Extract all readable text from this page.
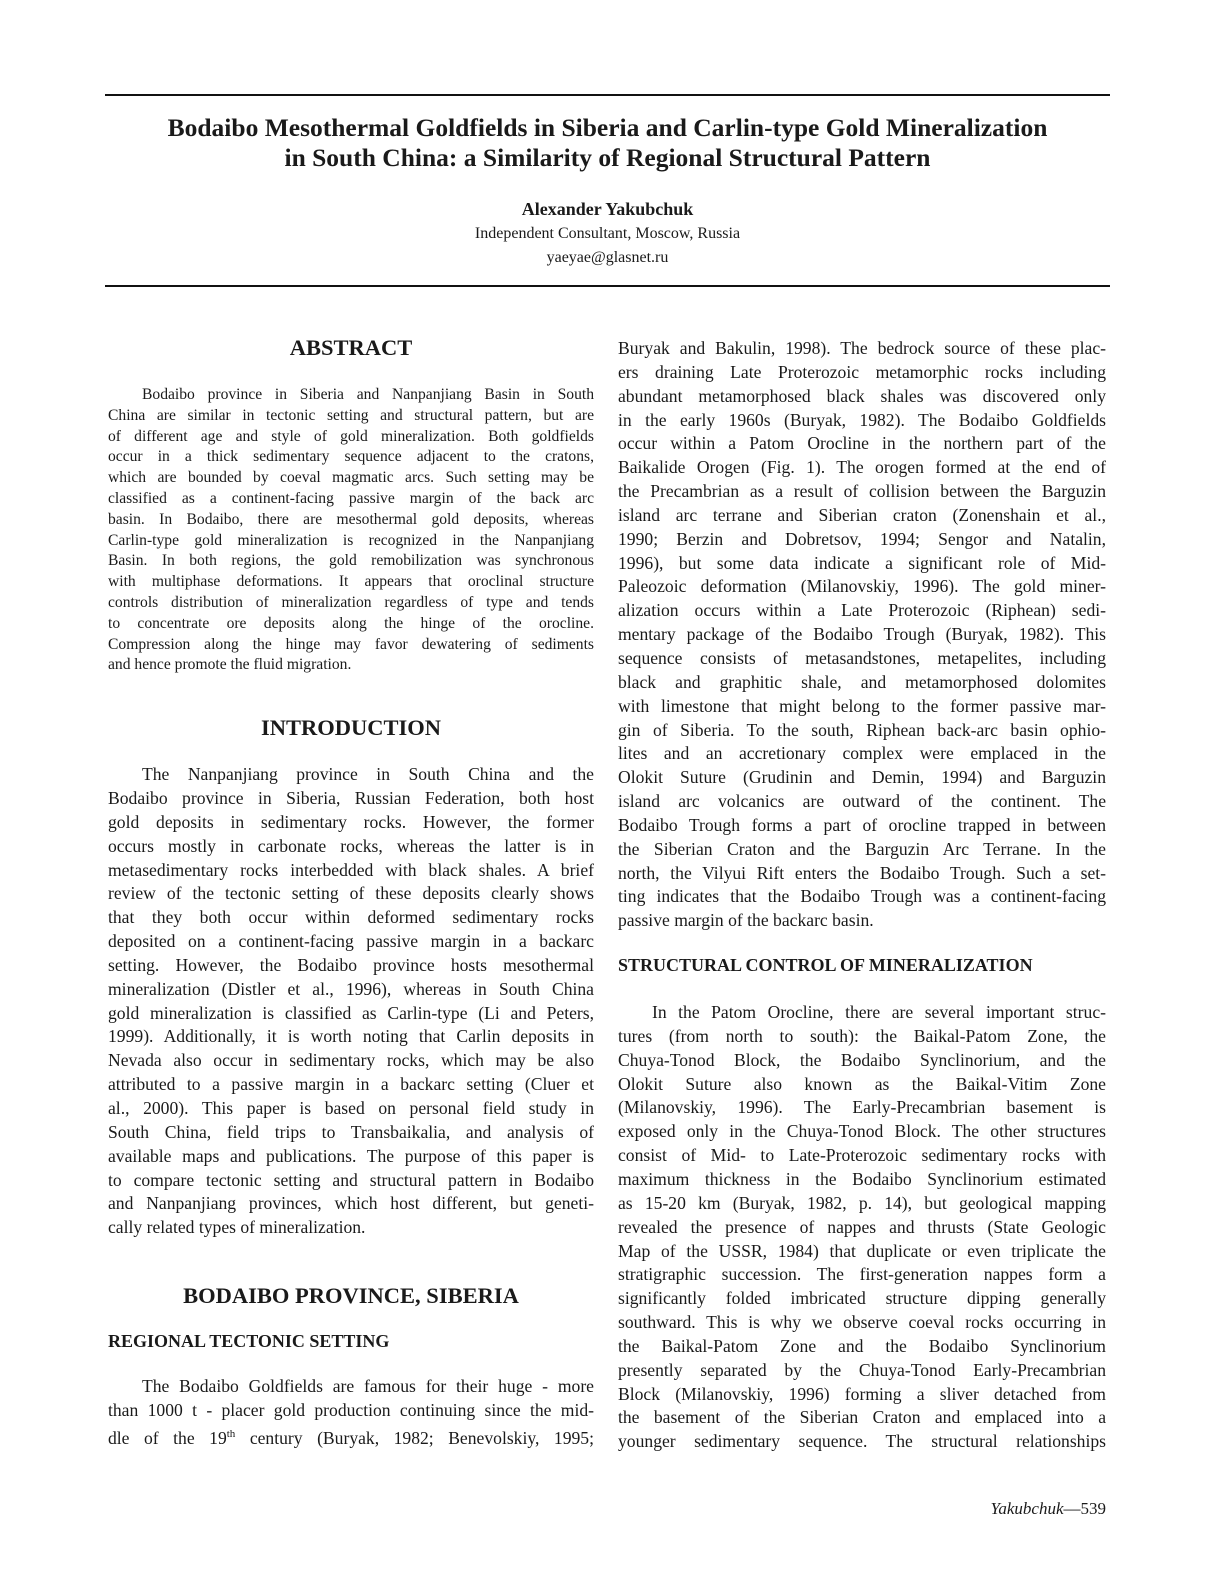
Bodaibo Mesothermal Goldfields in Siberia and Carlin-type Gold Mineralization
in South China: a Similarity of Regional Structural Pattern
Alexander Yakubchuk
Independent Consultant, Moscow, Russia
yaeyae@glasnet.ru
ABSTRACT
Bodaibo province in Siberia and Nanpanjiang Basin in South
China are similar in tectonic setting and structural pattern, but are
of different age and style of gold mineralization. Both goldfields
occur in a thick sedimentary sequence adjacent to the cratons,
which are bounded by coeval magmatic arcs. Such setting may be
classified as a continent-facing passive margin of the back arc
basin. In Bodaibo, there are mesothermal gold deposits, whereas
Carlin-type gold mineralization is recognized in the Nanpanjiang
Basin. In both regions, the gold remobilization was synchronous
with multiphase deformations. It appears that oroclinal structure
controls distribution of mineralization regardless of type and tends
to concentrate ore deposits along the hinge of the orocline.
Compression along the hinge may favor dewatering of sediments
and hence promote the fluid migration.
INTRODUCTION
The Nanpanjiang province in South China and the
Bodaibo province in Siberia, Russian Federation, both host
gold deposits in sedimentary rocks. However, the former
occurs mostly in carbonate rocks, whereas the latter is in
metasedimentary rocks interbedded with black shales. A brief
review of the tectonic setting of these deposits clearly shows
that they both occur within deformed sedimentary rocks
deposited on a continent-facing passive margin in a backarc
setting. However, the Bodaibo province hosts mesothermal
mineralization (Distler et al., 1996), whereas in South China
gold mineralization is classified as Carlin-type (Li and Peters,
1999). Additionally, it is worth noting that Carlin deposits in
Nevada also occur in sedimentary rocks, which may be also
attributed to a passive margin in a backarc setting (Cluer et
al., 2000). This paper is based on personal field study in
South China, field trips to Transbaikalia, and analysis of
available maps and publications. The purpose of this paper is
to compare tectonic setting and structural pattern in Bodaibo
and Nanpanjiang provinces, which host different, but geneti-
cally related types of mineralization.
BODAIBO PROVINCE, SIBERIA
REGIONAL TECTONIC SETTING
The Bodaibo Goldfields are famous for their huge - more
than 1000 t - placer gold production continuing since the mid-
dle of the 19th century (Buryak, 1982; Benevolskiy, 1995;
Buryak and Bakulin, 1998). The bedrock source of these plac-
ers draining Late Proterozoic metamorphic rocks including
abundant metamorphosed black shales was discovered only
in the early 1960s (Buryak, 1982). The Bodaibo Goldfields
occur within a Patom Orocline in the northern part of the
Baikalide Orogen (Fig. 1). The orogen formed at the end of
the Precambrian as a result of collision between the Barguzin
island arc terrane and Siberian craton (Zonenshain et al.,
1990; Berzin and Dobretsov, 1994; Sengor and Natalin,
1996), but some data indicate a significant role of Mid-
Paleozoic deformation (Milanovskiy, 1996). The gold miner-
alization occurs within a Late Proterozoic (Riphean) sedi-
mentary package of the Bodaibo Trough (Buryak, 1982). This
sequence consists of metasandstones, metapelites, including
black and graphitic shale, and metamorphosed dolomites
with limestone that might belong to the former passive mar-
gin of Siberia. To the south, Riphean back-arc basin ophio-
lites and an accretionary complex were emplaced in the
Olokit Suture (Grudinin and Demin, 1994) and Barguzin
island arc volcanics are outward of the continent. The
Bodaibo Trough forms a part of orocline trapped in between
the Siberian Craton and the Barguzin Arc Terrane. In the
north, the Vilyui Rift enters the Bodaibo Trough. Such a set-
ting indicates that the Bodaibo Trough was a continent-facing
passive margin of the backarc basin.
STRUCTURAL CONTROL OF MINERALIZATION
In the Patom Orocline, there are several important struc-
tures (from north to south): the Baikal-Patom Zone, the
Chuya-Tonod Block, the Bodaibo Synclinorium, and the
Olokit Suture also known as the Baikal-Vitim Zone
(Milanovskiy, 1996). The Early-Precambrian basement is
exposed only in the Chuya-Tonod Block. The other structures
consist of Mid- to Late-Proterozoic sedimentary rocks with
maximum thickness in the Bodaibo Synclinorium estimated
as 15-20 km (Buryak, 1982, p. 14), but geological mapping
revealed the presence of nappes and thrusts (State Geologic
Map of the USSR, 1984) that duplicate or even triplicate the
stratigraphic succession. The first-generation nappes form a
significantly folded imbricated structure dipping generally
southward. This is why we observe coeval rocks occurring in
the Baikal-Patom Zone and the Bodaibo Synclinorium
presently separated by the Chuya-Tonod Early-Precambrian
Block (Milanovskiy, 1996) forming a sliver detached from
the basement of the Siberian Craton and emplaced into a
younger sedimentary sequence. The structural relationships
Yakubchuk—539
